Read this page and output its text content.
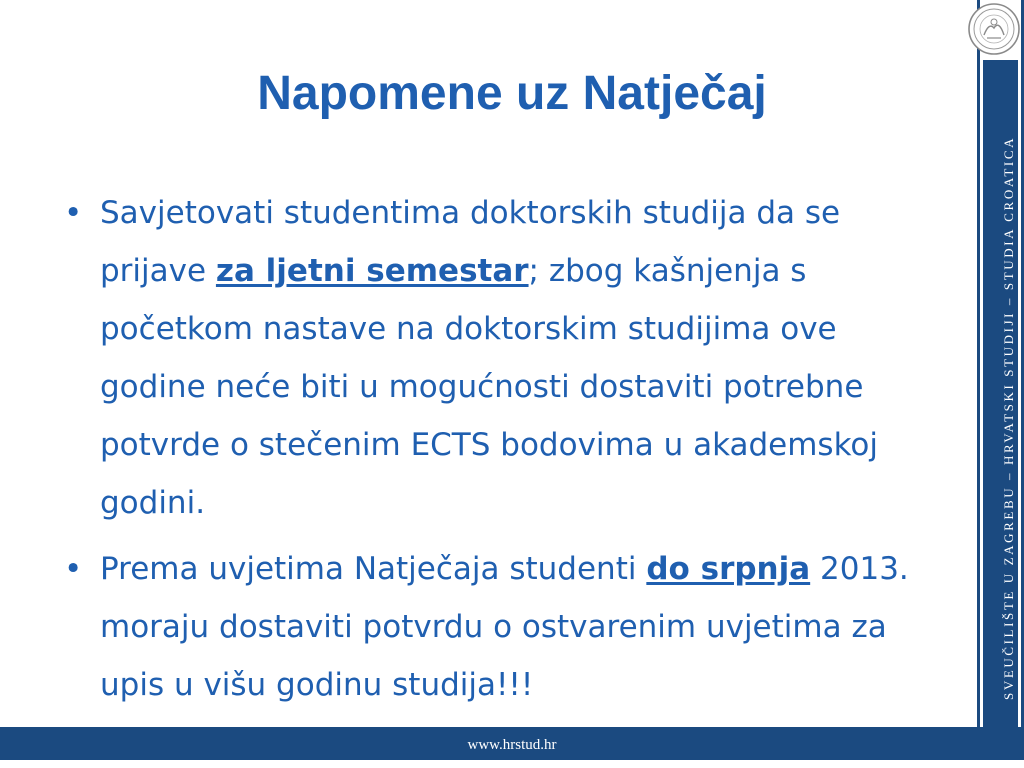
Napomene uz Natječaj
• Savjetovati studentima doktorskih studija da se prijave za ljetni semestar; zbog kašnjenja s početkom nastave na doktorskim studijima ove godine neće biti u mogućnosti dostaviti potrebne potvrde o stečenim ECTS bodovima u akademskoj godini.
• Prema uvjetima Natječaja studenti do srpnja 2013. moraju dostaviti potvrdu o ostvarenim uvjetima za upis u višu godinu studija!!!	SVEUČILIŠTE U ZAGREBU – HRVATSKI STUDIJI – STUDIA CROATICA
www.hrstud.hr
